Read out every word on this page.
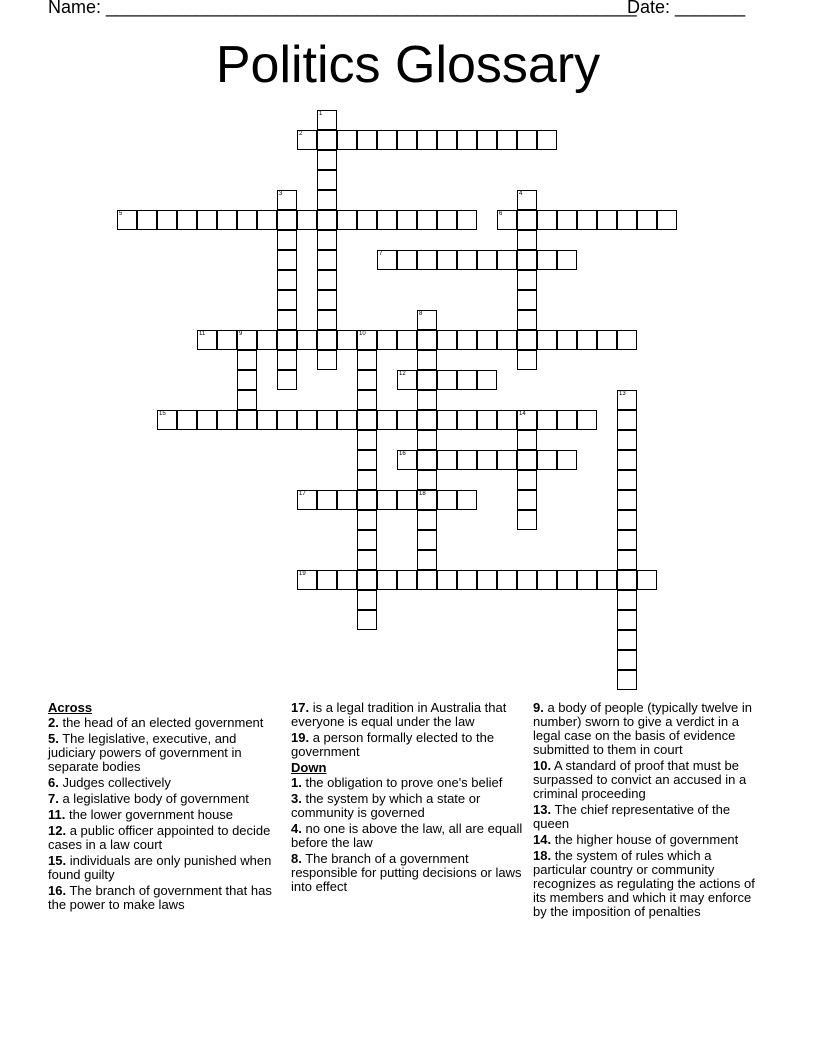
Name: _____________________________________________________
Date: _______
Politics Glossary
2
5	6
7
11	9	10
12
15	14
16
17	18
19
1
3	4
8
13
Across
2. the head of an elected government
5. The legislative, executive, and judiciary powers of government in separate bodies
6. Judges collectively
7. a legislative body of government
11. the lower government house
12. a public officer appointed to decide cases in a law court
15. individuals are only punished when found guilty
16. The branch of government that has the power to make laws
17. is a legal tradition in Australia that everyone is equal under the law
19. a person formally elected to the government
Down
1. the obligation to prove one's belief
3. the system by which a state or community is governed
4. no one is above the law, all are equall before the law
8. The branch of a government responsible for putting decisions or laws into effect
9. a body of people (typically twelve in number) sworn to give a verdict in a legal case on the basis of evidence submitted to them in court
10. A standard of proof that must be surpassed to convict an accused in a criminal proceeding
13. The chief representative of the queen
14. the higher house of government
18. the system of rules which a particular country or community recognizes as regulating the actions of its members and which it may enforce by the imposition of penalties
